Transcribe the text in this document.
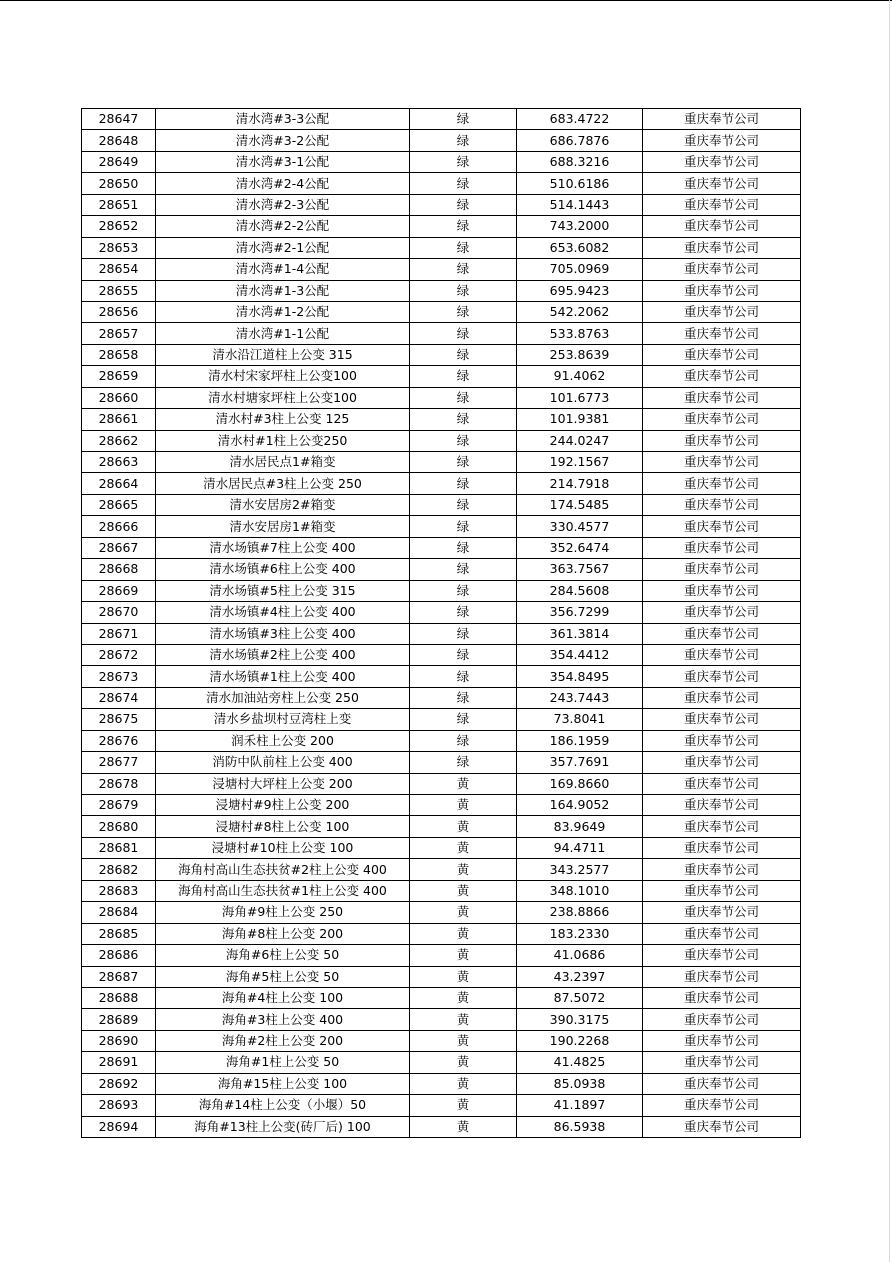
28647	清水湾#3-3公配	绿	683.4722	重庆奉节公司
28648	清水湾#3-2公配	绿	686.7876	重庆奉节公司
28649	清水湾#3-1公配	绿	688.3216	重庆奉节公司
28650	清水湾#2-4公配	绿	510.6186	重庆奉节公司
28651	清水湾#2-3公配	绿	514.1443	重庆奉节公司
28652	清水湾#2-2公配	绿	743.2000	重庆奉节公司
28653	清水湾#2-1公配	绿	653.6082	重庆奉节公司
28654	清水湾#1-4公配	绿	705.0969	重庆奉节公司
28655	清水湾#1-3公配	绿	695.9423	重庆奉节公司
28656	清水湾#1-2公配	绿	542.2062	重庆奉节公司
28657	清水湾#1-1公配	绿	533.8763	重庆奉节公司
28658	清水沿江道柱上公变 315	绿	253.8639	重庆奉节公司
28659	清水村宋家坪柱上公变100	绿	91.4062	重庆奉节公司
28660	清水村塘家坪柱上公变100	绿	101.6773	重庆奉节公司
28661	清水村#3柱上公变 125	绿	101.9381	重庆奉节公司
28662	清水村#1柱上公变250	绿	244.0247	重庆奉节公司
28663	清水居民点1#箱变	绿	192.1567	重庆奉节公司
28664	清水居民点#3柱上公变 250	绿	214.7918	重庆奉节公司
28665	清水安居房2#箱变	绿	174.5485	重庆奉节公司
28666	清水安居房1#箱变	绿	330.4577	重庆奉节公司
28667	清水场镇#7柱上公变 400	绿	352.6474	重庆奉节公司
28668	清水场镇#6柱上公变 400	绿	363.7567	重庆奉节公司
28669	清水场镇#5柱上公变 315	绿	284.5608	重庆奉节公司
28670	清水场镇#4柱上公变 400	绿	356.7299	重庆奉节公司
28671	清水场镇#3柱上公变 400	绿	361.3814	重庆奉节公司
28672	清水场镇#2柱上公变 400	绿	354.4412	重庆奉节公司
28673	清水场镇#1柱上公变 400	绿	354.8495	重庆奉节公司
28674	清水加油站旁柱上公变 250	绿	243.7443	重庆奉节公司
28675	清水乡盐坝村豆湾柱上变	绿	73.8041	重庆奉节公司
28676	润禾柱上公变 200	绿	186.1959	重庆奉节公司
28677	消防中队前柱上公变 400	绿	357.7691	重庆奉节公司
28678	浸塘村大坪柱上公变 200	黄	169.8660	重庆奉节公司
28679	浸塘村#9柱上公变 200	黄	164.9052	重庆奉节公司
28680	浸塘村#8柱上公变 100	黄	83.9649	重庆奉节公司
28681	浸塘村#10柱上公变 100	黄	94.4711	重庆奉节公司
28682	海角村高山生态扶贫#2柱上公变 400	黄	343.2577	重庆奉节公司
28683	海角村高山生态扶贫#1柱上公变 400	黄	348.1010	重庆奉节公司
28684	海角#9柱上公变 250	黄	238.8866	重庆奉节公司
28685	海角#8柱上公变 200	黄	183.2330	重庆奉节公司
28686	海角#6柱上公变 50	黄	41.0686	重庆奉节公司
28687	海角#5柱上公变 50	黄	43.2397	重庆奉节公司
28688	海角#4柱上公变 100	黄	87.5072	重庆奉节公司
28689	海角#3柱上公变 400	黄	390.3175	重庆奉节公司
28690	海角#2柱上公变 200	黄	190.2268	重庆奉节公司
28691	海角#1柱上公变 50	黄	41.4825	重庆奉节公司
28692	海角#15柱上公变 100	黄	85.0938	重庆奉节公司
28693	海角#14柱上公变（小堰）50	黄	41.1897	重庆奉节公司
28694	海角#13柱上公变(砖厂后) 100	黄	86.5938	重庆奉节公司
